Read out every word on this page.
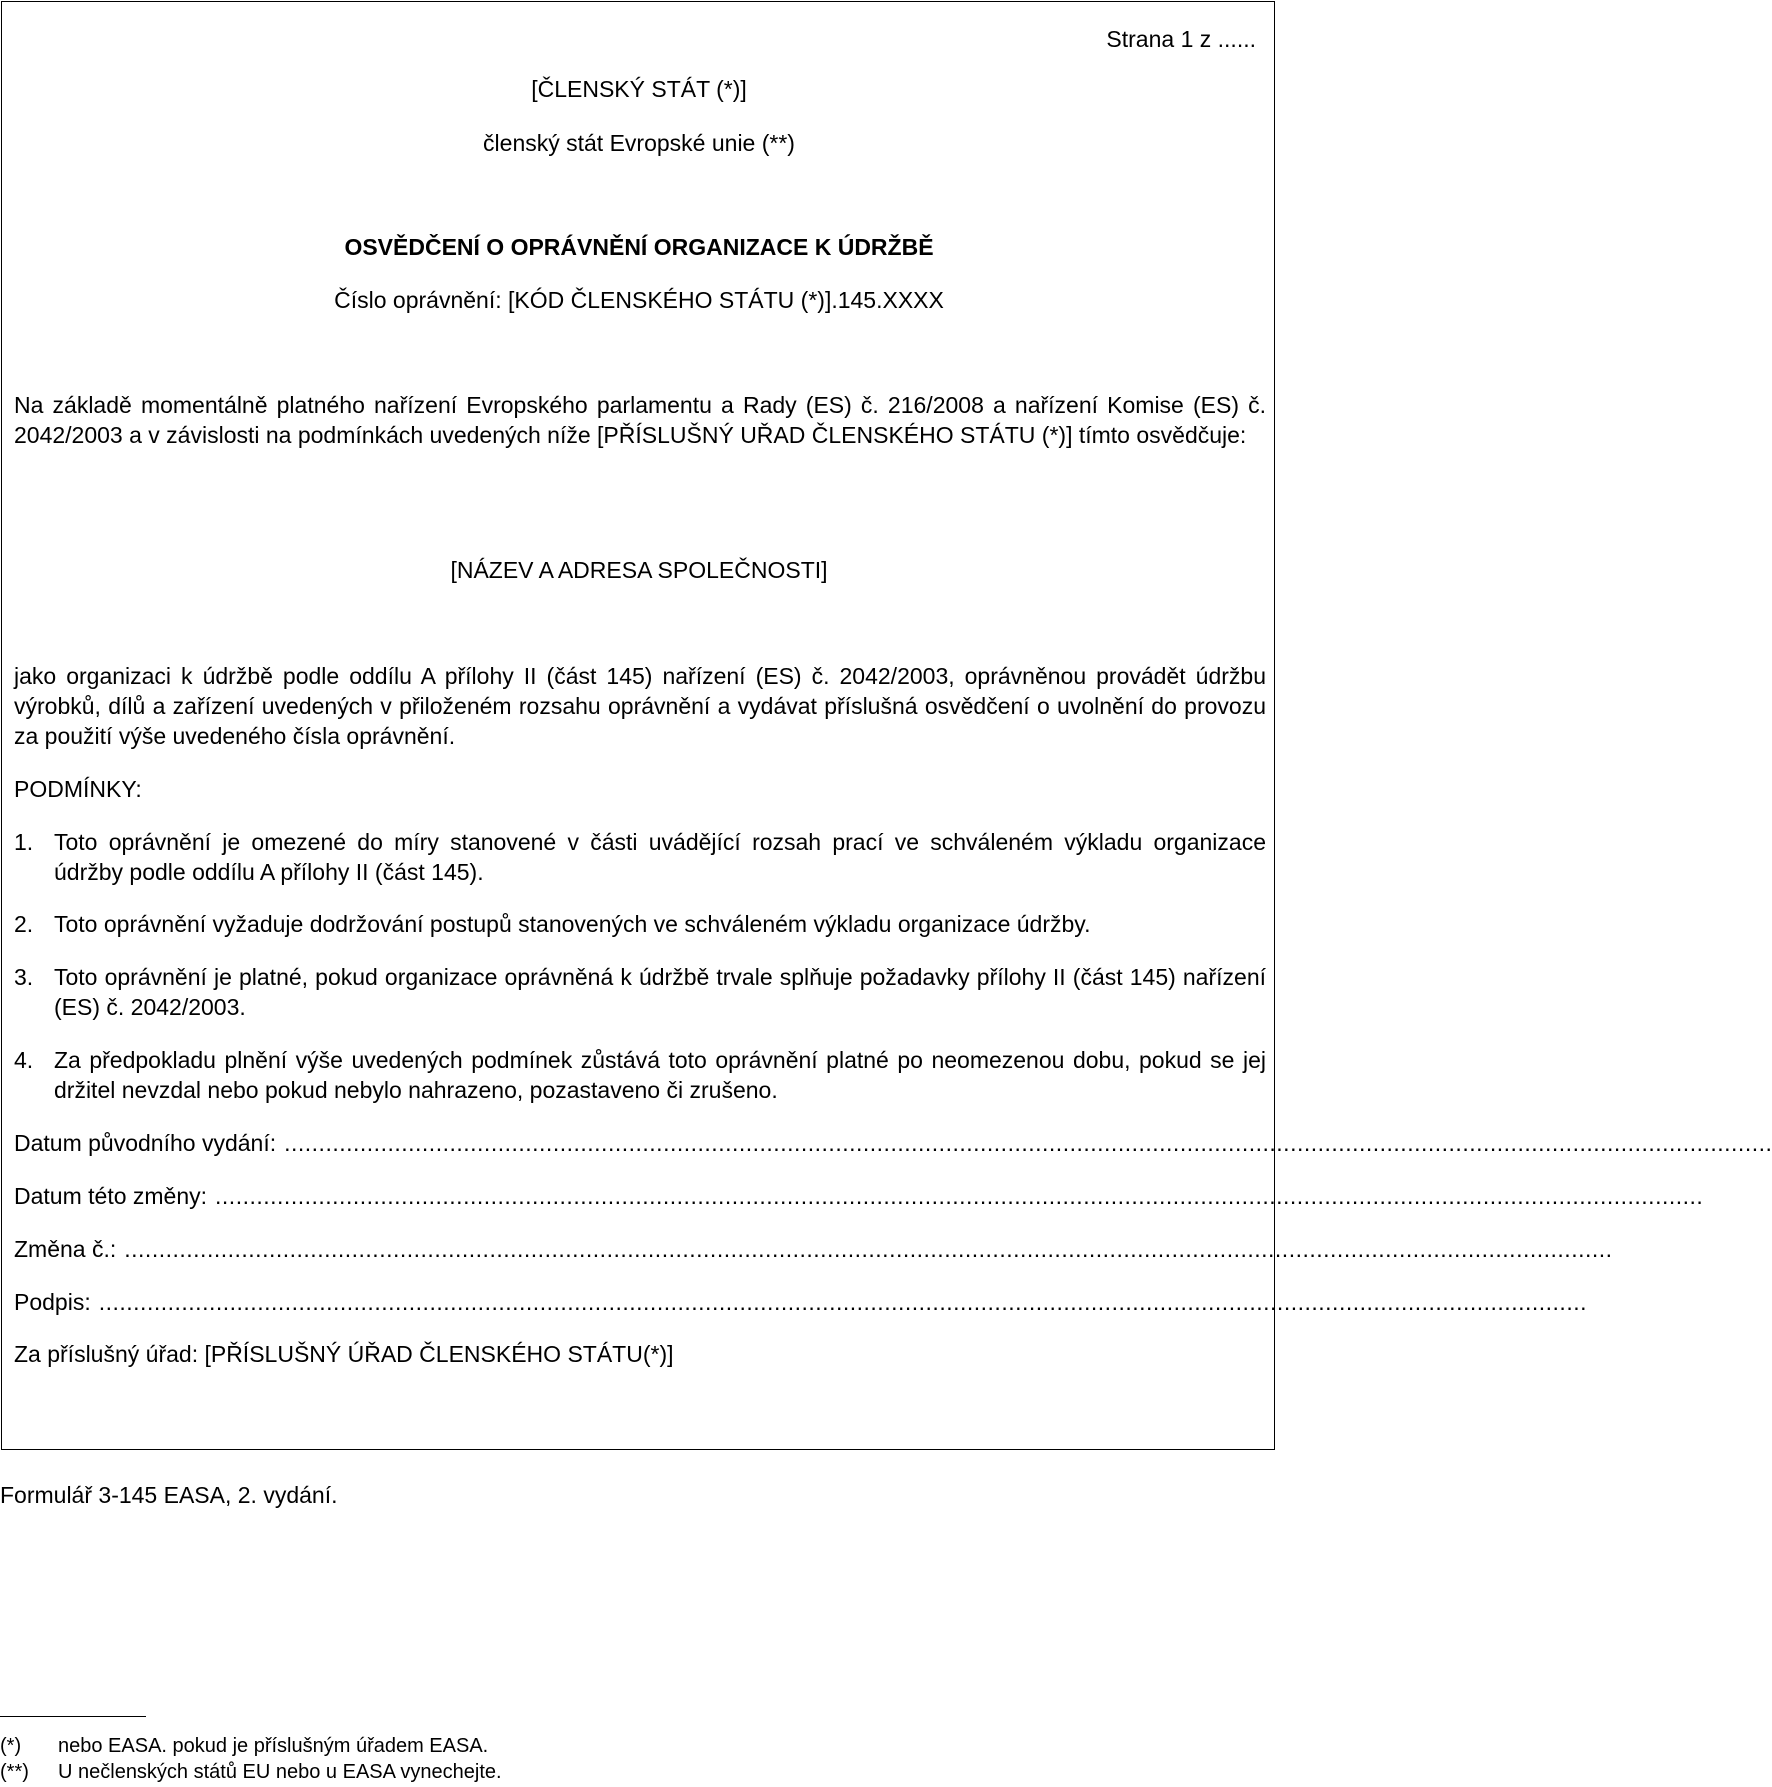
Strana 1 z ......
[ČLENSKÝ STÁT (*)]
členský stát Evropské unie (**)
OSVĚDČENÍ O OPRÁVNĚNÍ ORGANIZACE K ÚDRŽBĚ
Číslo oprávnění: [KÓD ČLENSKÉHO STÁTU (*)].145.XXXX
Na základě momentálně platného nařízení Evropského parlamentu a Rady (ES) č. 216/2008 a nařízení Komise (ES) č. 2042/2003 a v závislosti na podmínkách uvedených níže [PŘÍSLUŠNÝ UŘAD ČLENSKÉHO STÁTU (*)] tímto osvědčuje:
[NÁZEV A ADRESA SPOLEČNOSTI]
jako organizaci k údržbě podle oddílu A přílohy II (část 145) nařízení (ES) č. 2042/2003, oprávněnou provádět údržbu výrobků, dílů a zařízení uvedených v přiloženém rozsahu oprávnění a vydávat příslušná osvědčení o uvolnění do provozu za použití výše uvedeného čísla oprávnění.
PODMÍNKY:
1. Toto oprávnění je omezené do míry stanovené v části uvádějící rozsah prací ve schváleném výkladu organizace údržby podle oddílu A přílohy II (část 145).
2. Toto oprávnění vyžaduje dodržování postupů stanovených ve schváleném výkladu organizace údržby.
3. Toto oprávnění je platné, pokud organizace oprávněná k údržbě trvale splňuje požadavky přílohy II (část 145) nařízení (ES) č. 2042/2003.
4. Za předpokladu plnění výše uvedených podmínek zůstává toto oprávnění platné po neomezenou dobu, pokud se jej držitel nevzdal nebo pokud nebylo nahrazeno, pozastaveno či zrušeno.
Datum původního vydání: ........................................................................................................................................................................................................................
Datum této změny: ........................................................................................................................................................................................................................
Změna č.: ........................................................................................................................................................................................................................
Podpis: ........................................................................................................................................................................................................................
Za příslušný úřad: [PŘÍSLUŠNÝ ÚŘAD ČLENSKÉHO STÁTU(*)]
Formulář 3-145 EASA, 2. vydání.
(*) nebo EASA. pokud je příslušným úřadem EASA.
(**) U nečlenských států EU nebo u EASA vynechejte.
